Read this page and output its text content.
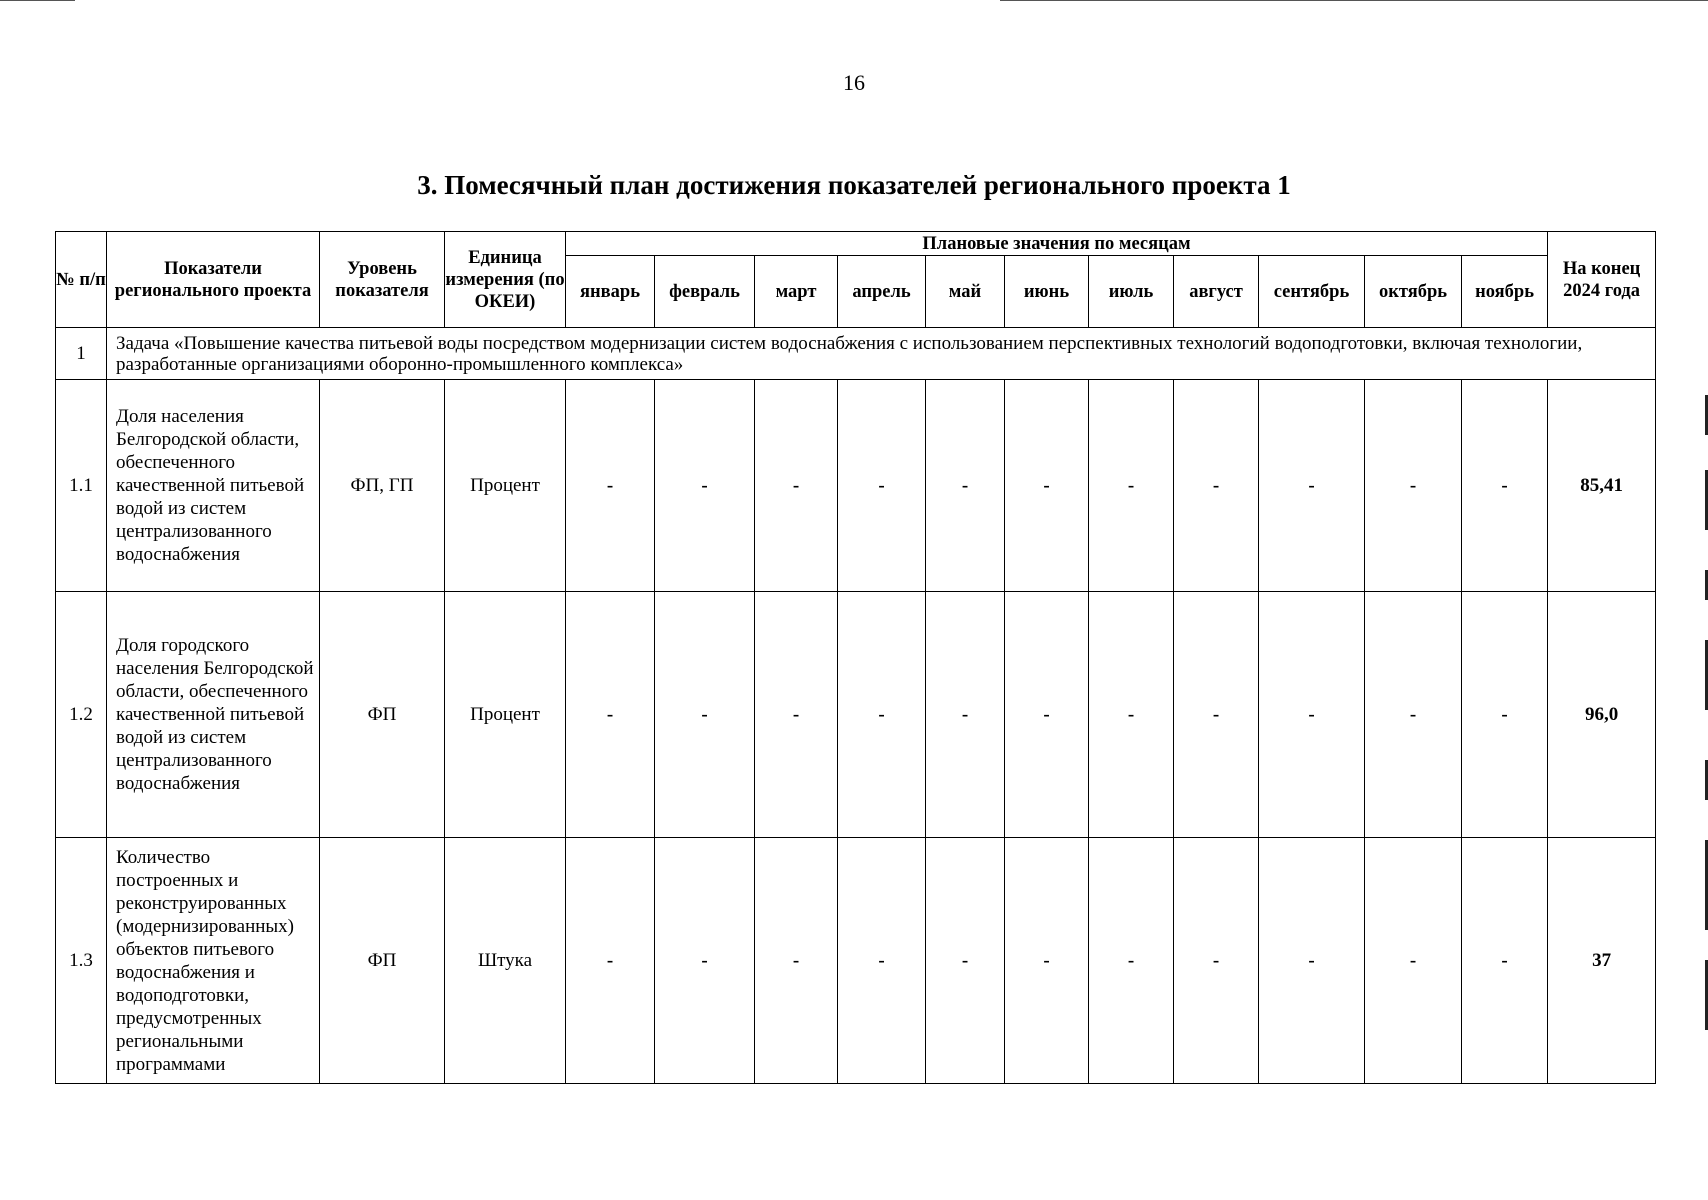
16
3. Помесячный план достижения показателей регионального проекта 1
№ п/п	Показатели регионального проекта	Уровень показателя	Единица измерения (по ОКЕИ)	Плановые значения по месяцам											На конец 2024 года
				январь	февраль	март	апрель	май	июнь	июль	август	сентябрь	октябрь	ноябрь	
1	Задача «Повышение качества питьевой воды посредством модернизации систем водоснабжения с использованием перспективных технологий водоподготовки, включая технологии, разработанные организациями оборонно-промышленного комплекса»														
1.1	Доля населения Белгородской области, обеспеченного качественной питьевой водой из систем централизованного водоснабжения	ФП, ГП	Процент	-	-	-	-	-	-	-	-	-	-	-	85,41
1.2	Доля городского населения Белгородской области, обеспеченного качественной питьевой водой из систем централизованного водоснабжения	ФП	Процент	-	-	-	-	-	-	-	-	-	-	-	96,0
1.3	Количество построенных и реконструированных (модернизированных) объектов питьевого водоснабжения и водоподготовки, предусмотренных региональными программами	ФП	Штука	-	-	-	-	-	-	-	-	-	-	-	37
